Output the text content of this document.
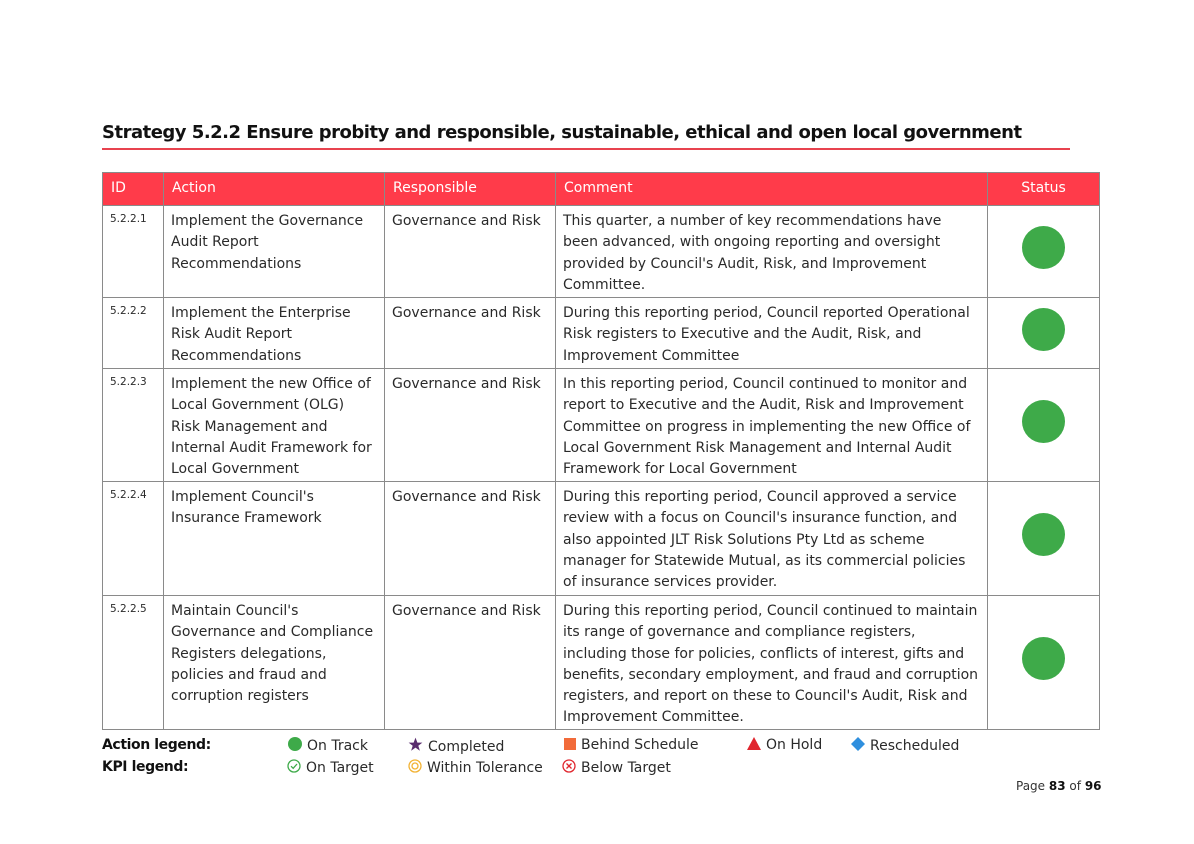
Strategy 5.2.2 Ensure probity and responsible, sustainable, ethical and open local government
ID	Action	Responsible	Comment	Status
5.2.2.1	Implement the Governance Audit Report Recommendations	Governance and Risk	This quarter, a number of key recommendations have been advanced, with ongoing reporting and oversight provided by Council's Audit, Risk, and Improvement Committee.	
5.2.2.2	Implement the Enterprise Risk Audit Report Recommendations	Governance and Risk	During this reporting period, Council reported Operational Risk registers to Executive and the Audit, Risk, and Improvement Committee	
5.2.2.3	Implement the new Office of Local Government (OLG) Risk Management and Internal Audit Framework for Local Government	Governance and Risk	In this reporting period, Council continued to monitor and report to Executive and the Audit, Risk and Improvement Committee on progress in implementing the new Office of Local Government Risk Management and Internal Audit Framework for Local Government	
5.2.2.4	Implement Council's Insurance Framework	Governance and Risk	During this reporting period, Council approved a service review with a focus on Council's insurance function, and also appointed JLT Risk Solutions Pty Ltd as scheme manager for Statewide Mutual, as its commercial policies of insurance services provider.	
5.2.2.5	Maintain Council's Governance and Compliance Registers delegations, policies and fraud and corruption registers	Governance and Risk	During this reporting period, Council continued to maintain its range of governance and compliance registers, including those for policies, conflicts of interest, gifts and benefits, secondary employment, and fraud and corruption registers, and report on these to Council's Audit, Risk and Improvement Committee.	
Action legend:	On Track	Completed	Behind Schedule	On Hold	Rescheduled
KPI legend:	On Target	Within Tolerance	Below Target
Page 83 of 96
